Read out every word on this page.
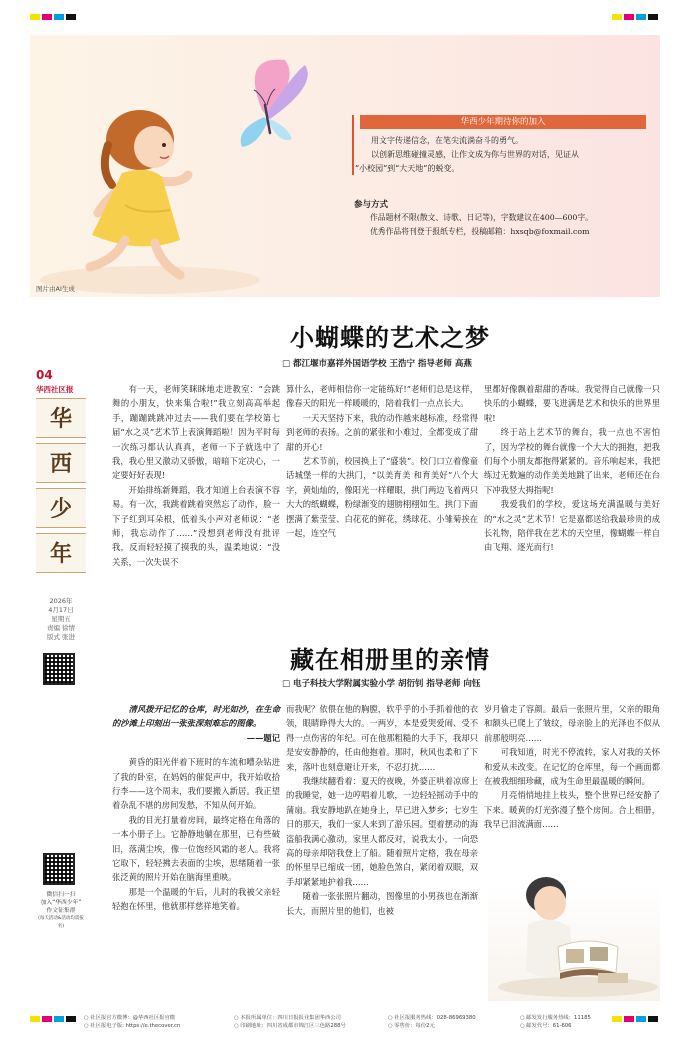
图片由AI生成
华西少年期待你的加入

用文字传递信念，在笔尖流淌奋斗的勇气。

以创新思维碰撞灵感，让作文成为你与世界的对话，见证从

“小校园”到“大天地”的蜕变。

参与方式
作品题材不限(散文、诗歌、日记等)，字数建议在400—600字。
优秀作品将刊登于报纸专栏，投稿邮箱：hxsqb@foxmail.com
04
华西社区报
华
西
少
年
2026年
4月17日
星期五
责编 徐情
版式 张进
微信扫一扫
加入“华西少年”
作文征集群
(每天活动&活动均需报名)
小蝴蝶的艺术之梦
□ 都江堰市嘉祥外国语学校 王浩宁 指导老师 高燕

有一天，老师笑眯眯地走进教室：“会跳舞的小朋友，快来集合啦!”我立刻高高举起手，蹦蹦跳跳冲过去——我们要在学校第七届“水之灵”艺术节上表演舞蹈啦！因为平时每一次练习都认认真真，老师一下子就选中了我，我心里又激动又骄傲，暗暗下定决心，一定要好好表现!

开始排练新舞蹈，我才知道上台表演不容易。有一次，我跳着跳着突然忘了动作，脸一下子红到耳朵根，低着头小声对老师说：“老师，我忘动作了……”没想到老师没有批评我，反而轻轻摸了摸我的头，温柔地说：“没关系，一次失误不

算什么，老师相信你一定能练好!”老师们总是这样，像春天的阳光一样暖暖的，陪着我们一点点长大。

一天天坚持下来，我的动作越来越标准，经常得到老师的表扬。之前的紧张和小难过，全都变成了甜甜的开心!

艺术节前，校园换上了“盛装”。校门口立着像童话城堡一样的大拱门，“以美育美 和育美好”八个大字，黄灿灿的，像阳光一样耀眼，拱门两边飞着两只大大的纸蝴蝶，粉绿渐变的翅膀栩栩如生。拱门下面摆满了紫莹莹、白花花的鲜花，绣球花、小雏菊挨在一起，连空气

里都好像飘着甜甜的香味。我觉得自己就像一只快乐的小蝴蝶，要飞进满是艺术和快乐的世界里啦!

终于站上艺术节的舞台，我一点也不害怕了，因为学校的舞台就像一个大大的拥抱，把我们每个小朋友都抱得紧紧的。音乐响起来，我把练过无数遍的动作美美地跳了出来，老师还在台下冲我竖大拇指呢!

我爱我们的学校，爱这场充满温暖与美好的“水之灵”艺术节！它是嘉都送给我最珍贵的成长礼物，陪伴我在艺术的天空里，像蝴蝶一样自由飞翔、逐光而行!

藏在相册里的亲情
□ 电子科技大学附属实验小学 胡衍钊 指导老师 向钰

清风拨开记忆的仓库，时光如沙，在生命的沙滩上印刻出一张张深刻难忘的图像。

——题记

黄昏的阳光伴着下班时的车流和嘈杂钻进了我的卧室，在妈妈的催促声中，我开始收拾行李——这个周末，我们要搬入新居。我正望着杂乱不堪的房间发愁，不知从何开始。

我的目光打量着房间，最终定格在角落的一本小册子上。它静静地躺在那里，已有些破旧，落满尘埃，像一位饱经风霜的老人。我将它取下，轻轻拂去表面的尘埃，思绪随着一张张泛黄的照片开始在脑海里重映。

那是一个温暖的午后，儿时的我被父亲轻轻抱在怀里，他就那样慈祥地笑着。

而我呢？依偎在他的胸膛，软乎乎的小手抓着他的衣领，眼睛睁得大大的。一两岁，本是爱哭爱闹、受不得一点伤害的年纪。可在他那粗糙的大手下，我却只是安安静静的，任由他抱着。那时，秋风也柔和了下来，落叶也刻意避让开来，不忍打扰……

我继续翻看着：夏天的夜晚，外婆正哄着凉席上的我睡觉，她一边哼唱着儿歌，一边轻轻摇动手中的蒲扇。我安静地趴在她身上，早已进入梦乡；七岁生日的那天，我们一家人来到了游乐园。望着摆动的海盗船我满心激动，家里人都反对，说我太小，一向恐高的母亲却陪我登上了船。随着照片定格，我在母亲的怀里早已缩成一团，她脸色煞白，紧闭着双眼，双手却紧紧地护着我……

随着一张张照片翻动，图像里的小男孩也在渐渐长大，而照片里的他们，也被

岁月偷走了容颜。最后一张照片里，父亲的眼角和额头已爬上了皱纹，母亲脸上的光泽也不似从前那般明亮……

可我知道，时光不停流转，家人对我的关怀和爱从未改变。在记忆的仓库里，每一个画面都在被我细细珍藏，成为生命里最温暖的瞬间。

月亮悄悄地挂上枝头，整个世界已经安静了下来。暖黄的灯光弥漫了整个房间。合上相册，我早已泪流满面……

○ 社区报官方微博：@华西社区报官微
○ 社区报电子版: https://e.thecover.cn
○ 本报所属单位：四川日报报业集团华西公司
○ 印刷地址：四川省成都市锦江区三色路288号
○ 社区报服务热线：028-86969380
○ 零售价：每份2元
○ 邮发发行服务热线：11185
○ 邮发代号：61-606
